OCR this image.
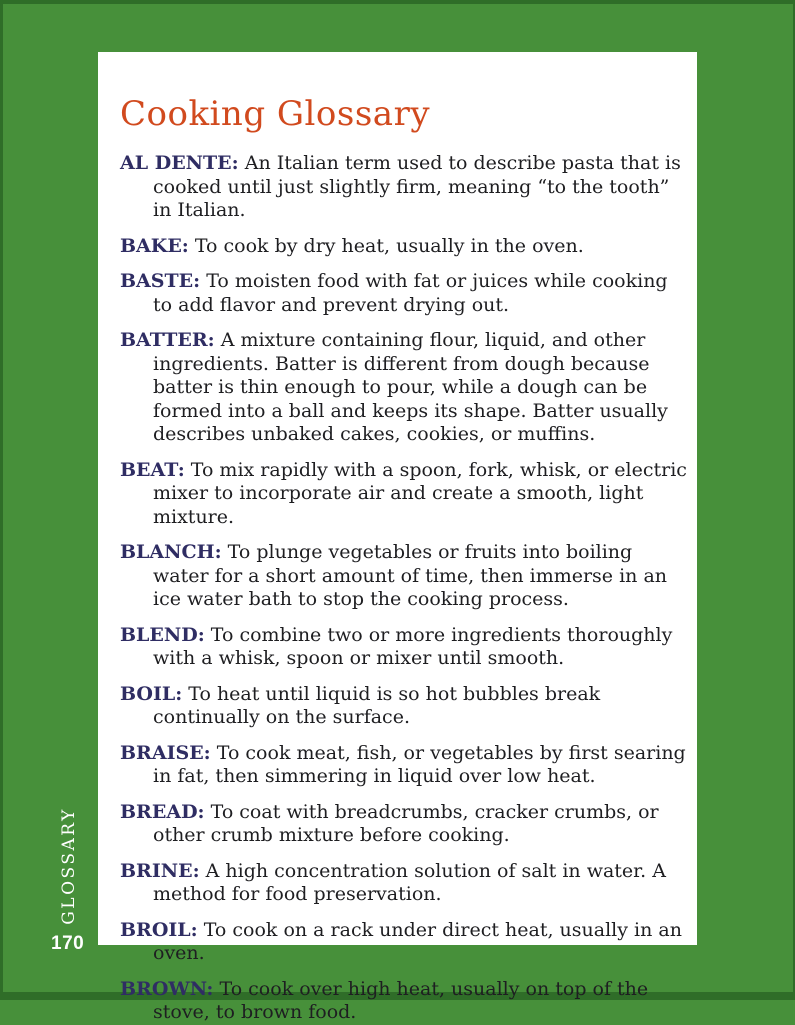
Cooking Glossary

AL DENTE: An Italian term used to describe pasta that is cooked until just slightly firm, meaning “to the tooth” in Italian.

BAKE: To cook by dry heat, usually in the oven.

BASTE: To moisten food with fat or juices while cooking to add flavor and prevent drying out.

BATTER: A mixture containing flour, liquid, and other ingredients. Batter is different from dough because batter is thin enough to pour, while a dough can be formed into a ball and keeps its shape. Batter usually describes unbaked cakes, cookies, or muffins.

BEAT: To mix rapidly with a spoon, fork, whisk, or electric mixer to incorporate air and create a smooth, light mixture.

BLANCH: To plunge vegetables or fruits into boiling water for a short amount of time, then immerse in an ice water bath to stop the cooking process.

BLEND: To combine two or more ingredients thoroughly with a whisk, spoon or mixer until smooth.

BOIL: To heat until liquid is so hot bubbles break continually on the surface.

BRAISE: To cook meat, fish, or vegetables by first searing in fat, then simmering in liquid over low heat.

BREAD: To coat with breadcrumbs, cracker crumbs, or other crumb mixture before cooking.

BRINE: A high concentration solution of salt in water. A method for food preservation.

BROIL: To cook on a rack under direct heat, usually in an oven.

BROWN: To cook over high heat, usually on top of the stove, to brown food.

GLOSSARY
170
